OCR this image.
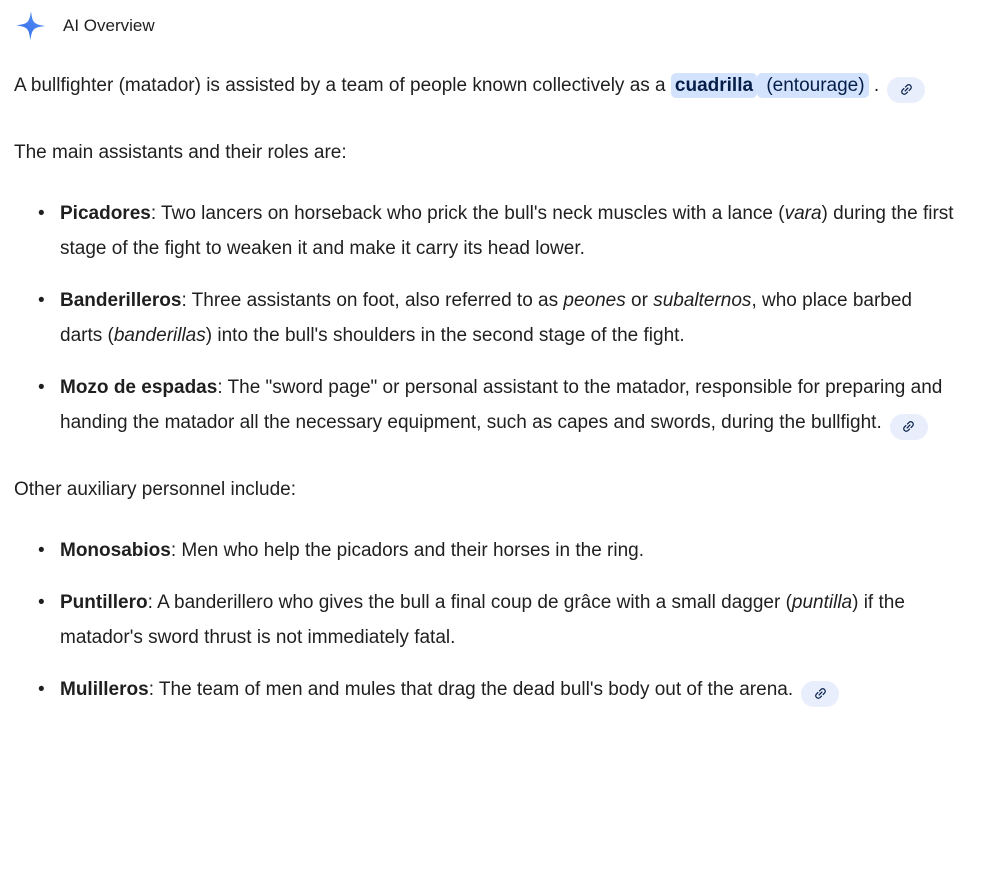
AI Overview

A bullfighter (matador) is assisted by a team of people known collectively as a cuadrilla (entourage) .

The main assistants and their roles are:

• Picadores: Two lancers on horseback who prick the bull's neck muscles with a lance (vara) during the first stage of the fight to weaken it and make it carry its head lower.
• Banderilleros: Three assistants on foot, also referred to as peones or subalternos, who place barbed darts (banderillas) into the bull's shoulders in the second stage of the fight.
• Mozo de espadas: The "sword page" or personal assistant to the matador, responsible for preparing and handing the matador all the necessary equipment, such as capes and swords, during the bullfight.

Other auxiliary personnel include:

• Monosabios: Men who help the picadors and their horses in the ring.
• Puntillero: A banderillero who gives the bull a final coup de grâce with a small dagger (puntilla) if the matador's sword thrust is not immediately fatal.
• Mulilleros: The team of men and mules that drag the dead bull's body out of the arena.
